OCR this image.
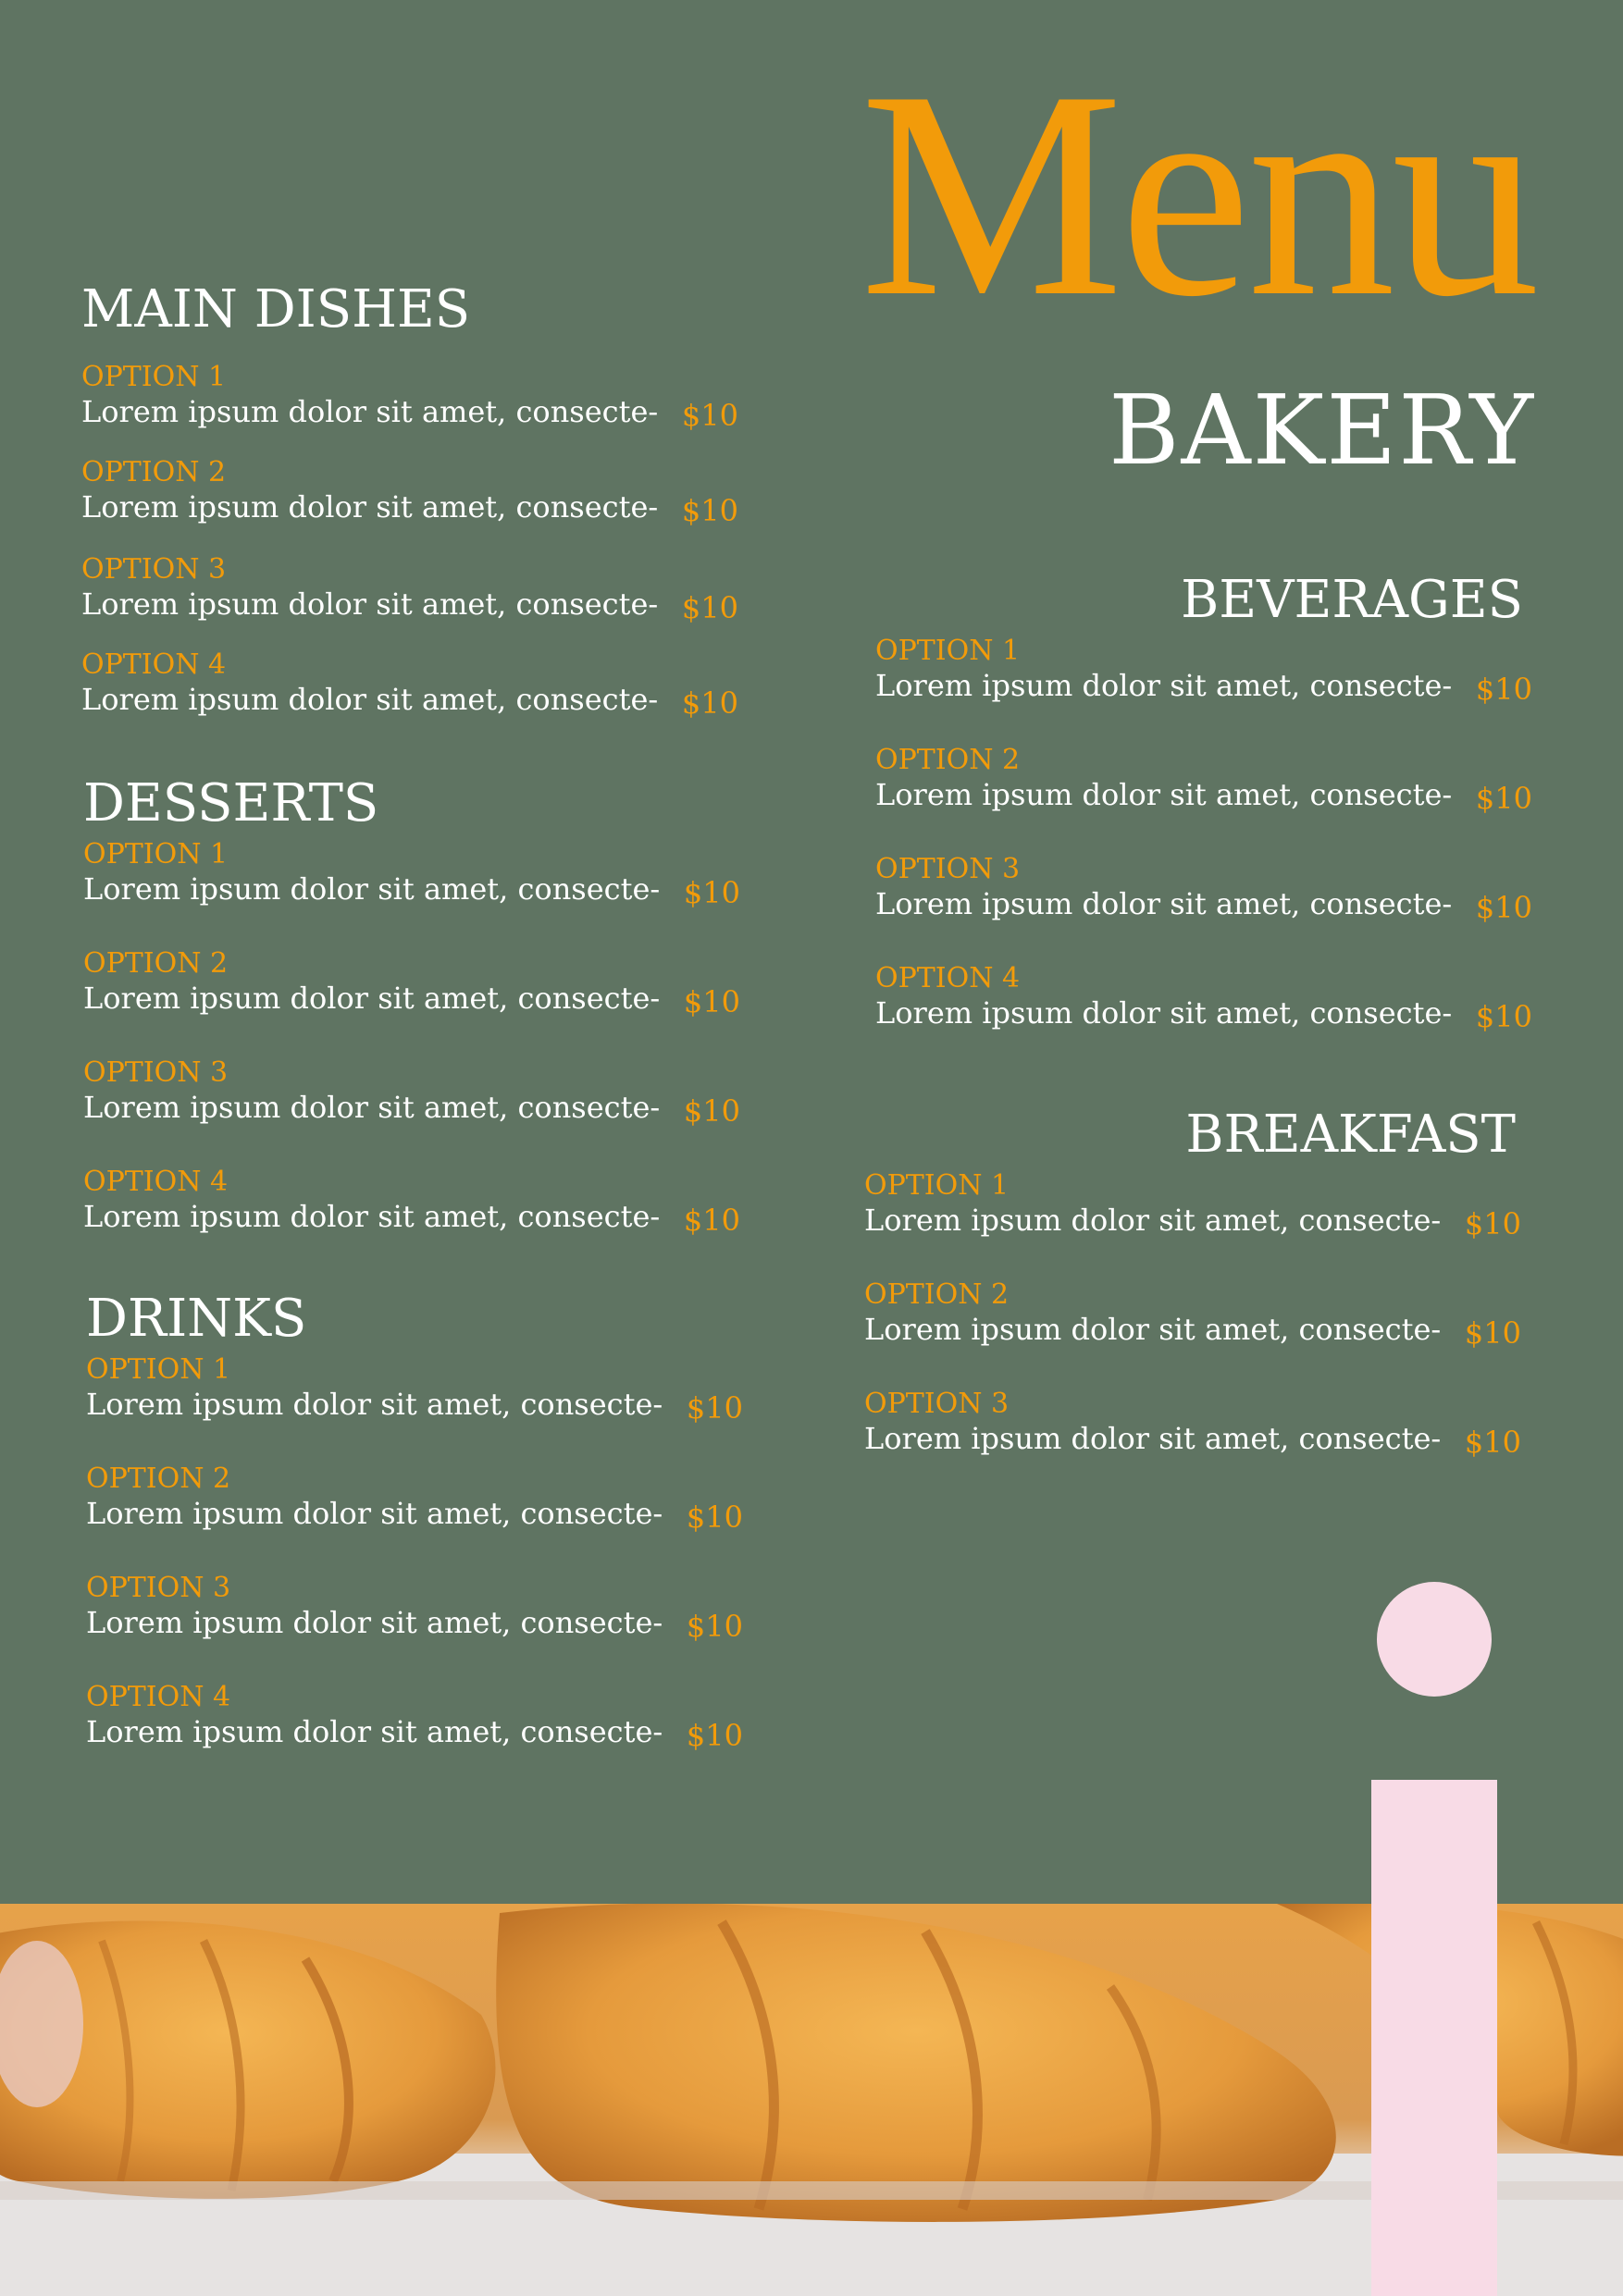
Menu
BAKERY
MAIN DISHES
OPTION 1
Lorem ipsum dolor sit amet, consecte- $10
OPTION 2
Lorem ipsum dolor sit amet, consecte- $10
OPTION 3
Lorem ipsum dolor sit amet, consecte- $10
OPTION 4
Lorem ipsum dolor sit amet, consecte- $10
DESSERTS
OPTION 1
Lorem ipsum dolor sit amet, consecte- $10
OPTION 2
Lorem ipsum dolor sit amet, consecte- $10
OPTION 3
Lorem ipsum dolor sit amet, consecte- $10
OPTION 4
Lorem ipsum dolor sit amet, consecte- $10
DRINKS
OPTION 1
Lorem ipsum dolor sit amet, consecte- $10
OPTION 2
Lorem ipsum dolor sit amet, consecte- $10
OPTION 3
Lorem ipsum dolor sit amet, consecte- $10
OPTION 4
Lorem ipsum dolor sit amet, consecte- $10
BEVERAGES
OPTION 1
Lorem ipsum dolor sit amet, consecte- $10
OPTION 2
Lorem ipsum dolor sit amet, consecte- $10
OPTION 3
Lorem ipsum dolor sit amet, consecte- $10
OPTION 4
Lorem ipsum dolor sit amet, consecte- $10
BREAKFAST
OPTION 1
Lorem ipsum dolor sit amet, consecte- $10
OPTION 2
Lorem ipsum dolor sit amet, consecte- $10
OPTION 3
Lorem ipsum dolor sit amet, consecte- $10
